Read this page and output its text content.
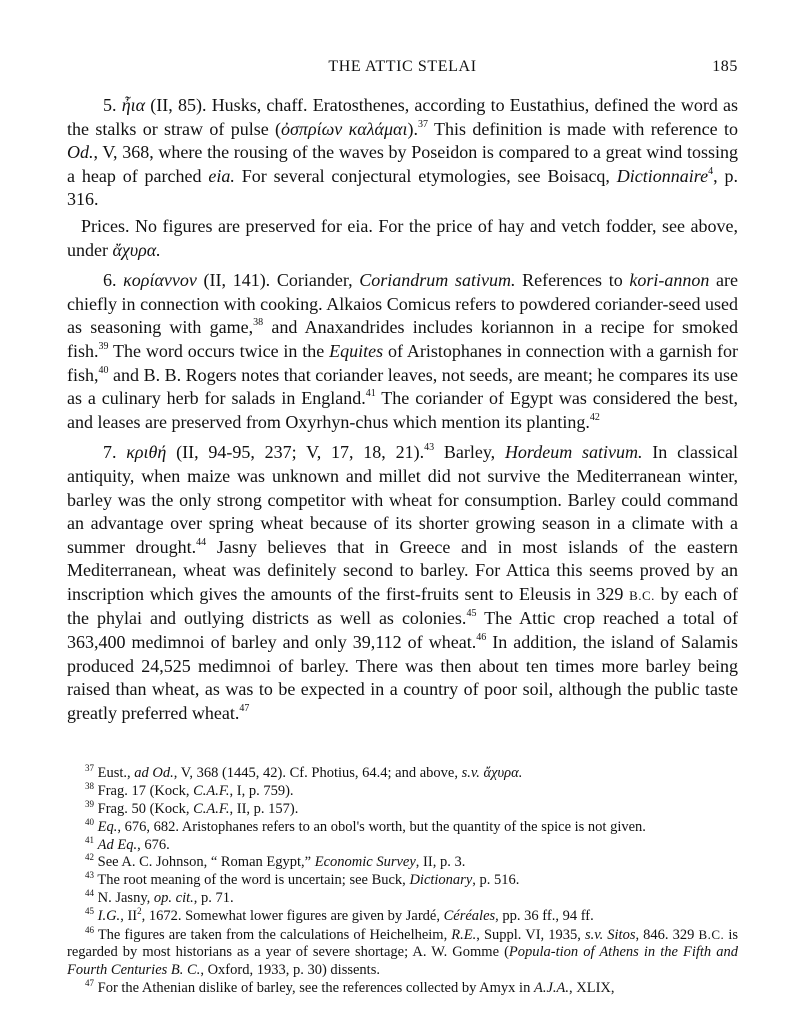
THE ATTIC STELAI	185

5. ἦια (II, 85). Husks, chaff. Eratosthenes, according to Eustathius, defined the word as the stalks or straw of pulse (ὀσπρίων καλάμαι).$^{37}$ This definition is made with reference to Od., V, 368, where the rousing of the waves by Poseidon is compared to a great wind tossing a heap of parched eia. For several conjectural etymologies, see Boisacq, Dictionnaire$^4$, p. 316.

Prices. No figures are preserved for eia. For the price of hay and vetch fodder, see above, under ἄχυρα.

6. κορίαννον (II, 141). Coriander, Coriandrum sativum. References to kori-annon are chiefly in connection with cooking. Alkaios Comicus refers to powdered coriander-seed used as seasoning with game,$^{38}$ and Anaxandrides includes koriannon in a recipe for smoked fish.$^{39}$ The word occurs twice in the Equites of Aristophanes in connection with a garnish for fish,$^{40}$ and B. B. Rogers notes that coriander leaves, not seeds, are meant; he compares its use as a culinary herb for salads in England.$^{41}$ The coriander of Egypt was considered the best, and leases are preserved from Oxyrhyn-chus which mention its planting.$^{42}$

7. κριθή (II, 94-95, 237; V, 17, 18, 21).$^{43}$ Barley, Hordeum sativum. In classical antiquity, when maize was unknown and millet did not survive the Mediterranean winter, barley was the only strong competitor with wheat for consumption. Barley could command an advantage over spring wheat because of its shorter growing season in a climate with a summer drought.$^{44}$ Jasny believes that in Greece and in most islands of the eastern Mediterranean, wheat was definitely second to barley. For Attica this seems proved by an inscription which gives the amounts of the first-fruits sent to Eleusis in 329 B.C. by each of the phylai and outlying districts as well as colonies.$^{45}$ The Attic crop reached a total of 363,400 medimnoi of barley and only 39,112 of wheat.$^{46}$ In addition, the island of Salamis produced 24,525 medimnoi of barley. There was then about ten times more barley being raised than wheat, as was to be expected in a country of poor soil, although the public taste greatly preferred wheat.$^{47}$

$^{37}$ Eust., ad Od., V, 368 (1445, 42). Cf. Photius, 64.4; and above, s.v. ἄχυρα.

$^{38}$ Frag. 17 (Kock, C.A.F., I, p. 759).

$^{39}$ Frag. 50 (Kock, C.A.F., II, p. 157).

$^{40}$ Eq., 676, 682. Aristophanes refers to an obol's worth, but the quantity of the spice is not given.

$^{41}$ Ad Eq., 676.

$^{42}$ See A. C. Johnson, “ Roman Egypt,” Economic Survey, II, p. 3.

$^{43}$ The root meaning of the word is uncertain; see Buck, Dictionary, p. 516.

$^{44}$ N. Jasny, op. cit., p. 71.

$^{45}$ I.G., $II^2$, 1672. Somewhat lower figures are given by Jardé, Céréales, pp. 36 ff., 94 ff.

$^{46}$ The figures are taken from the calculations of Heichelheim, R.E., Suppl. VI, 1935, s.v. Sitos, 846. 329 B.C. is regarded by most historians as a year of severe shortage; A. W. Gomme (Popula-tion of Athens in the Fifth and Fourth Centuries B. C., Oxford, 1933, p. 30) dissents.

$^{47}$ For the Athenian dislike of barley, see the references collected by Amyx in A.J.A., XLIX,
